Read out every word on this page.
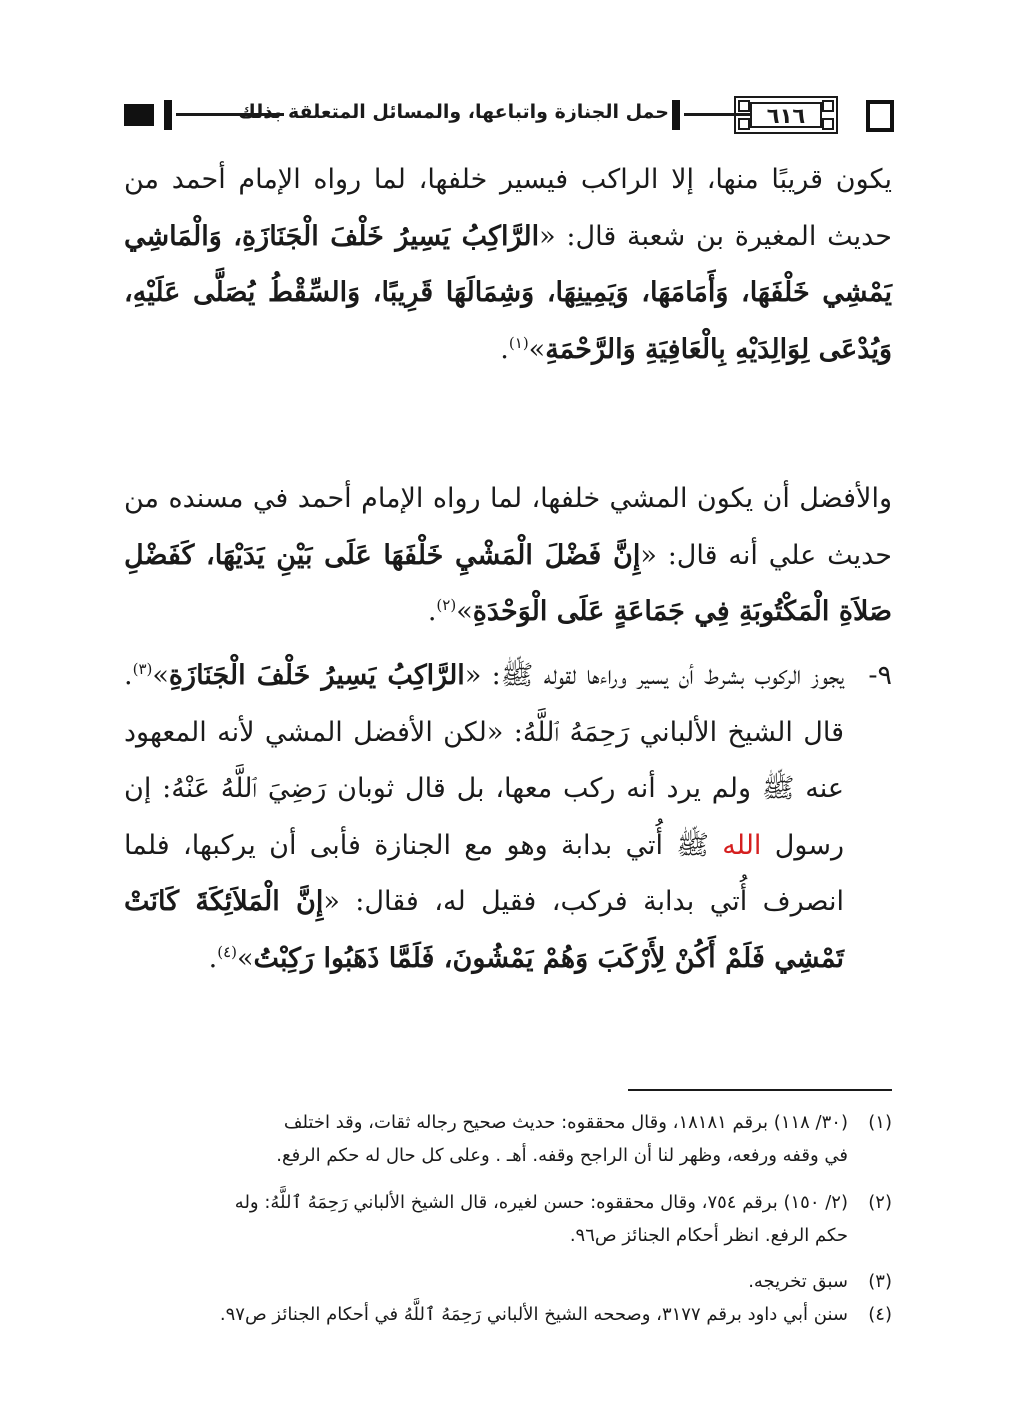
حمل الجنازة واتباعها، والمسائل المتعلقة بذلك	٦١٦
يكون قريبًا منها، إلا الراكب فيسير خلفها، لما رواه الإمام أحمد من حديث المغيرة بن شعبة قال: «الرَّاكِبُ يَسِيرُ خَلْفَ الْجَنَازَةِ، وَالْمَاشِي يَمْشِي خَلْفَهَا، وَأَمَامَهَا، وَيَمِينِهَا، وَشِمَالَهَا قَرِيبًا، وَالسِّقْطُ يُصَلَّى عَلَيْهِ، وَيُدْعَى لِوَالِدَيْهِ بِالْعَافِيَةِ وَالرَّحْمَةِ»$^{(١)}$.
والأفضل أن يكون المشي خلفها، لما رواه الإمام أحمد في مسنده من حديث علي أنه قال: «إِنَّ فَضْلَ الْمَشْيِ خَلْفَهَا عَلَى بَيْنِ يَدَيْهَا، كَفَضْلِ صَلاَةِ الْمَكْتُوبَةِ فِي جَمَاعَةٍ عَلَى الْوَحْدَةِ»$^{(٢)}$.
٩-
يجوز الركوب بشرط أن يسير وراءها لقوله ﷺ: «الرَّاكِبُ يَسِيرُ خَلْفَ الْجَنَازَةِ»$^{(٣)}$. قال الشيخ الألباني رَحِمَهُ ٱللَّهُ: «لكن الأفضل المشي لأنه المعهود عنه ﷺ ولم يرد أنه ركب معها، بل قال ثوبان رَضِيَ ٱللَّهُ عَنْهُ: إن رسول الله ﷺ أُتي بدابة وهو مع الجنازة فأبى أن يركبها، فلما انصرف أُتي بدابة فركب، فقيل له، فقال: «إِنَّ الْمَلاَئِكَةَ كَانَتْ تَمْشِي فَلَمْ أَكُنْ لِأَرْكَبَ وَهُمْ يَمْشُونَ، فَلَمَّا ذَهَبُوا رَكِبْتُ»$^{(٤)}$.
(١)(٣٠/ ١١٨) برقم ١٨١٨١، وقال محققوه: حديث صحيح رجاله ثقات، وقد اختلف
في وقفه ورفعه، وظهر لنا أن الراجح وقفه. أهـ . وعلى كل حال له حكم الرفع.
(٢)(٢/ ١٥٠) برقم ٧٥٤، وقال محققوه: حسن لغيره، قال الشيخ الألباني رَحِمَهُ ٱللَّهُ: وله
حكم الرفع. انظر أحكام الجنائز ص٩٦.
(٣)سبق تخريجه.
(٤)سنن أبي داود برقم ٣١٧٧، وصححه الشيخ الألباني رَحِمَهُ ٱللَّهُ في أحكام الجنائز ص٩٧.
